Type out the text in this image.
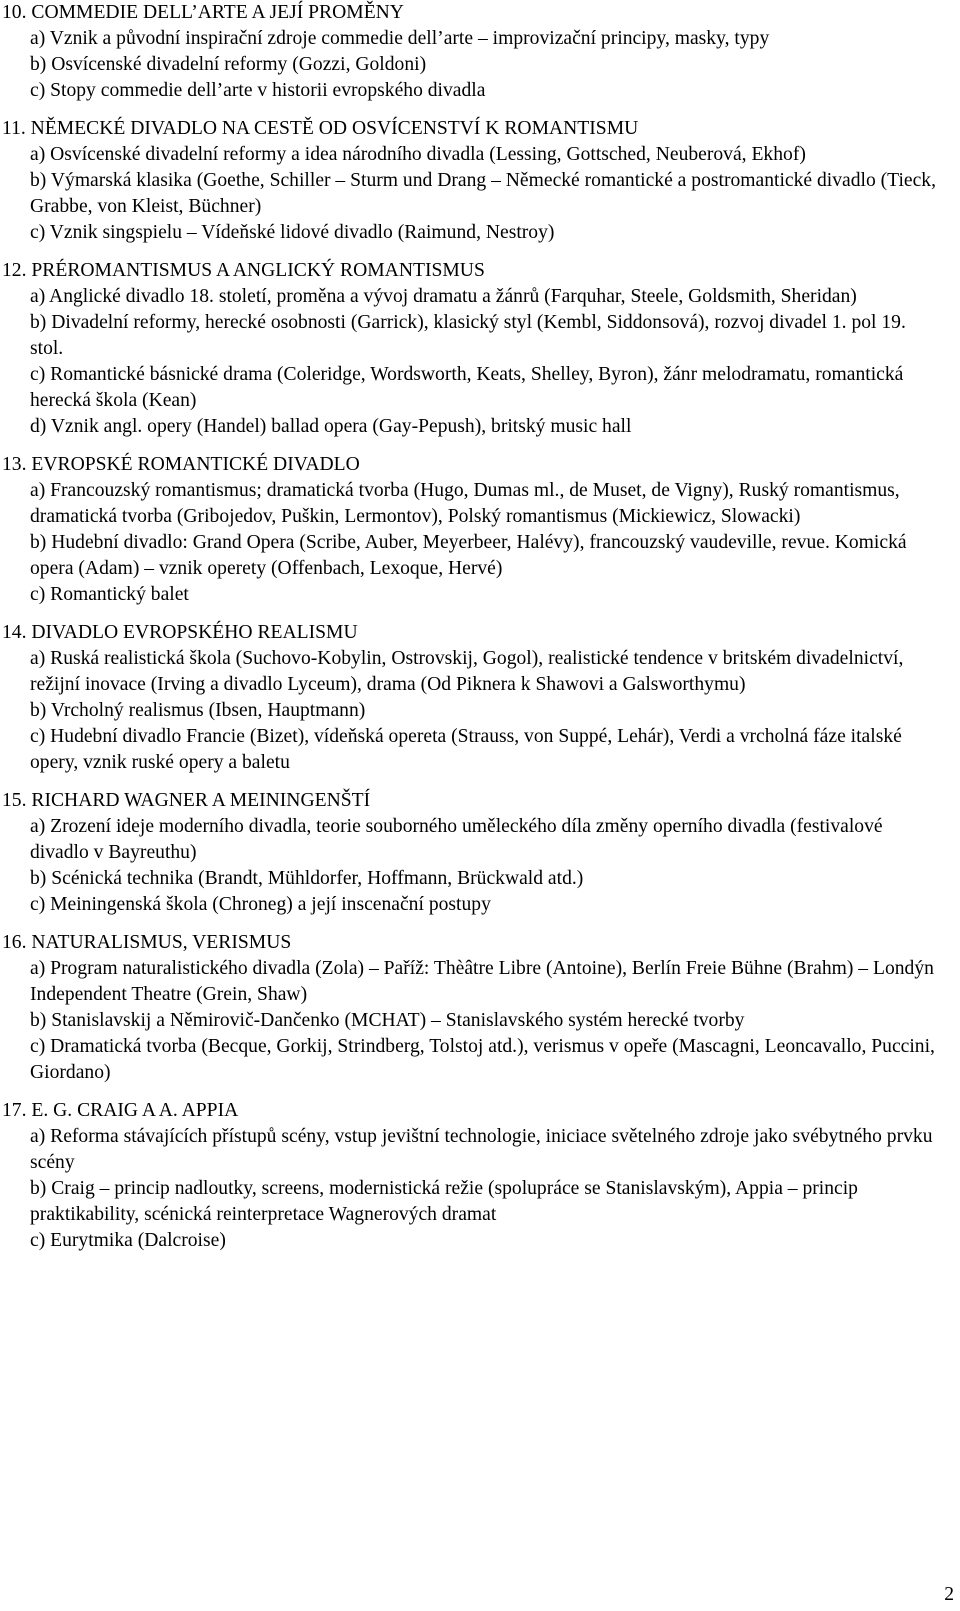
10. COMMEDIE DELL’ARTE A JEJÍ PROMĚNY
a) Vznik a původní inspirační zdroje commedie dell’arte – improvizační principy, masky, typy
b) Osvícenské divadelní reformy (Gozzi, Goldoni)
c) Stopy commedie dell’arte v historii evropského divadla
11. NĚMECKÉ DIVADLO NA CESTĚ OD OSVÍCENSTVÍ K ROMANTISMU
a) Osvícenské divadelní reformy a idea národního divadla (Lessing, Gottsched, Neuberová, Ekhof)
b) Výmarská klasika (Goethe, Schiller – Sturm und Drang – Německé romantické a postromantické divadlo (Tieck, Grabbe, von Kleist, Büchner)
c) Vznik singspielu – Vídeňské lidové divadlo (Raimund, Nestroy)
12. PRÉROMANTISMUS A ANGLICKÝ ROMANTISMUS
a) Anglické divadlo 18. století, proměna a vývoj dramatu a žánrů (Farquhar, Steele, Goldsmith, Sheridan)
b) Divadelní reformy, herecké osobnosti (Garrick), klasický styl (Kembl, Siddonsová), rozvoj divadel 1. pol 19. stol.
c) Romantické básnické drama (Coleridge, Wordsworth, Keats, Shelley, Byron), žánr melodramatu, romantická herecká škola (Kean)
d) Vznik angl. opery (Handel) ballad opera (Gay-Pepush), britský music hall
13. EVROPSKÉ ROMANTICKÉ DIVADLO
a) Francouzský romantismus; dramatická tvorba (Hugo, Dumas ml., de Muset, de Vigny), Ruský romantismus, dramatická tvorba (Gribojedov, Puškin, Lermontov), Polský romantismus (Mickiewicz, Slowacki)
b) Hudební divadlo: Grand Opera (Scribe, Auber, Meyerbeer, Halévy), francouzský vaudeville, revue. Komická opera (Adam) – vznik operety (Offenbach, Lexoque, Hervé)
c) Romantický balet
14. DIVADLO EVROPSKÉHO REALISMU
a) Ruská realistická škola (Suchovo-Kobylin, Ostrovskij, Gogol), realistické tendence v britském divadelnictví, režijní inovace (Irving a divadlo Lyceum), drama (Od Piknera k Shawovi a Galsworthymu)
b) Vrcholný realismus (Ibsen, Hauptmann)
c) Hudební divadlo Francie (Bizet), vídeňská opereta (Strauss, von Suppé, Lehár), Verdi a vrcholná fáze italské opery, vznik ruské opery a baletu
15. RICHARD WAGNER A MEININGENŠTÍ
a) Zrození ideje moderního divadla, teorie souborného uměleckého díla změny operního divadla (festivalové divadlo v Bayreuthu)
b) Scénická technika (Brandt, Mühldorfer, Hoffmann, Brückwald atd.)
c) Meiningenská škola (Chroneg) a její inscenační postupy
16. NATURALISMUS, VERISMUS
a) Program naturalistického divadla (Zola) – Paříž: Thèâtre Libre (Antoine), Berlín Freie Bühne (Brahm) – Londýn Independent Theatre (Grein, Shaw)
b) Stanislavskij a Němirovič-Dančenko (MCHAT) – Stanislavského systém herecké tvorby
c) Dramatická tvorba (Becque, Gorkij, Strindberg, Tolstoj atd.), verismus v opeře (Mascagni, Leoncavallo, Puccini, Giordano)
17. E. G. CRAIG A A. APPIA
a) Reforma stávajících přístupů scény, vstup jevištní technologie, iniciace světelného zdroje jako svébytného prvku scény
b) Craig – princip nadloutky, screens, modernistická režie (spolupráce se Stanislavským), Appia – princip praktikability, scénická reinterpretace Wagnerových dramat
c) Eurytmika (Dalcroise)
2
